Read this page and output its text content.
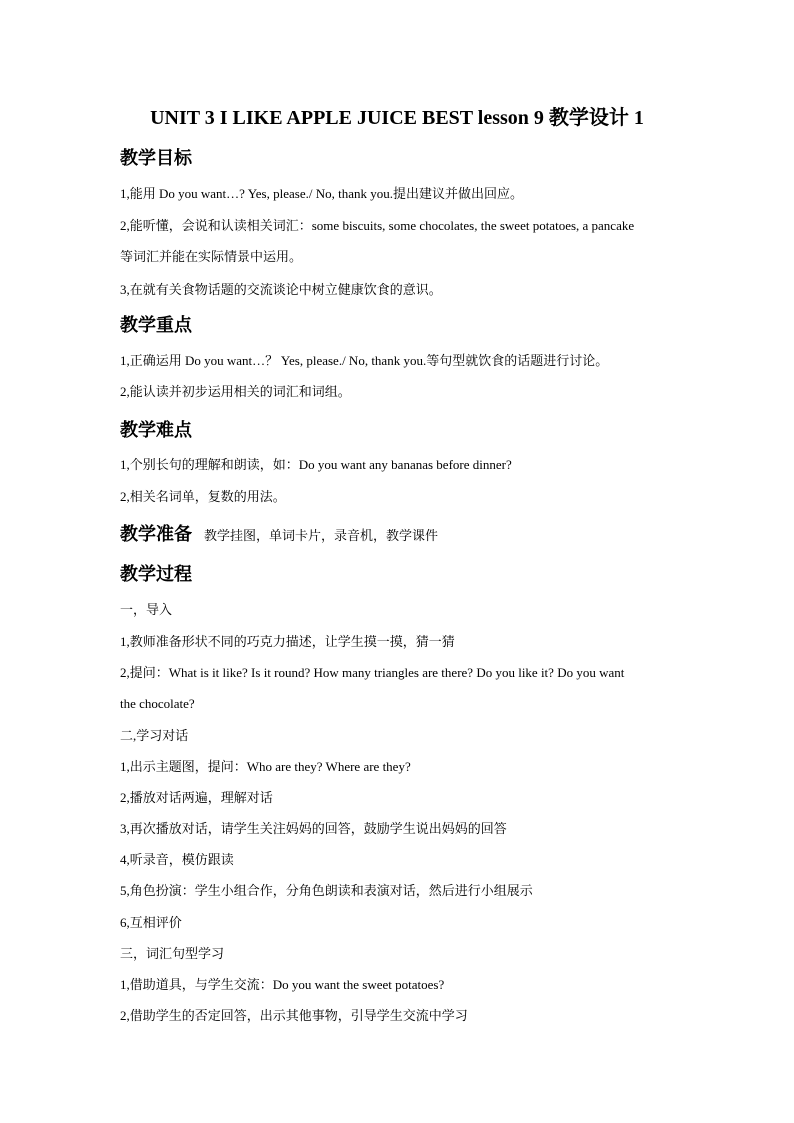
UNIT 3 I LIKE APPLE JUICE BEST lesson 9 教学设计 1
教学目标
1,能用 Do you want…? Yes, please./ No, thank you.提出建议并做出回应。
2,能听懂，会说和认读相关词汇：some biscuits, some chocolates, the sweet potatoes, a pancake
等词汇并能在实际情景中运用。
3,在就有关食物话题的交流谈论中树立健康饮食的意识。
教学重点
1,正确运用 Do you want…？ Yes, please./ No, thank you.等句型就饮食的话题进行讨论。
2,能认读并初步运用相关的词汇和词组。
教学难点
1,个别长句的理解和朗读，如：Do you want any bananas before dinner?
2,相关名词单，复数的用法。
教学准备 教学挂图，单词卡片，录音机，教学课件
教学过程
一，导入
1,教师准备形状不同的巧克力描述，让学生摸一摸，猜一猜
2,提问：What is it like? Is it round? How many triangles are there? Do you like it? Do you want
the chocolate?
二,学习对话
1,出示主题图，提问：Who are they? Where are they?
2,播放对话两遍，理解对话
3,再次播放对话，请学生关注妈妈的回答，鼓励学生说出妈妈的回答
4,听录音，模仿跟读
5,角色扮演：学生小组合作，分角色朗读和表演对话，然后进行小组展示
6,互相评价
三，词汇句型学习
1,借助道具，与学生交流：Do you want the sweet potatoes?
2,借助学生的否定回答，出示其他事物，引导学生交流中学习
